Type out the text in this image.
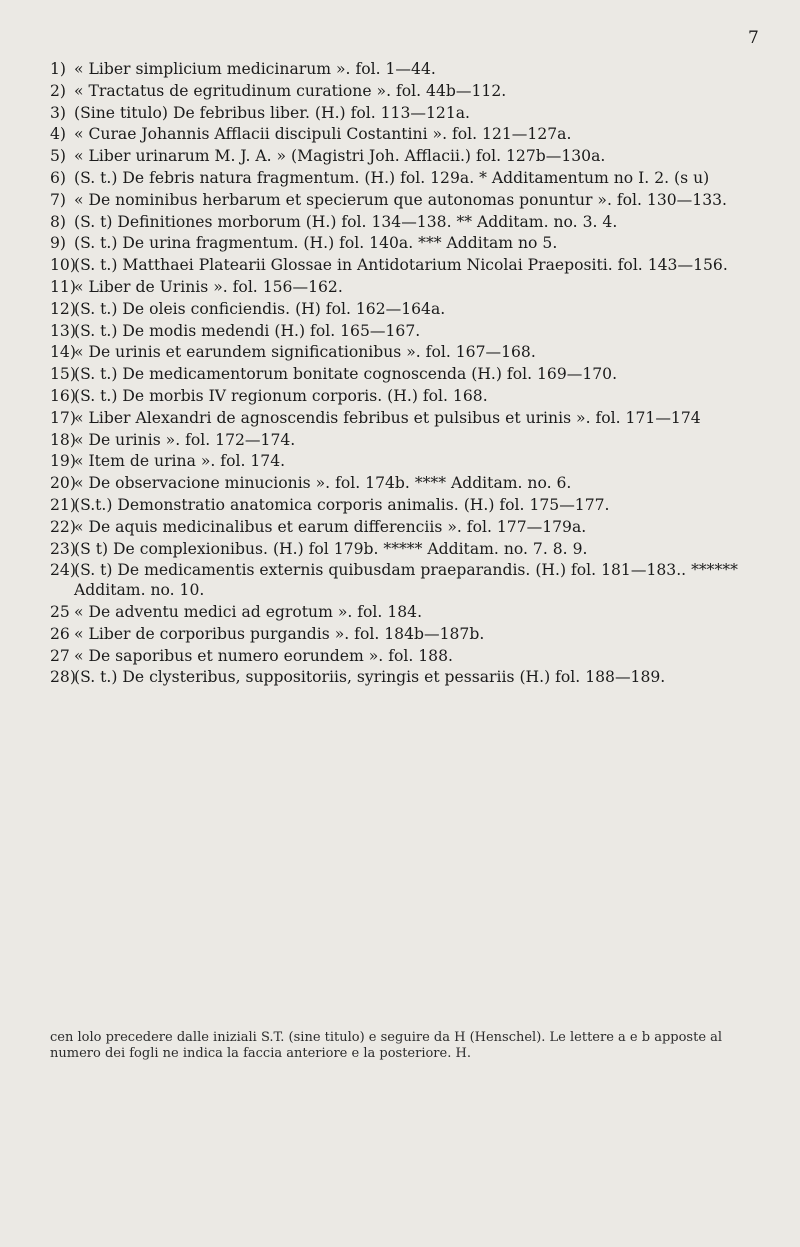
7
1) « Liber simplicium medicinarum ». fol. 1—44.
2) « Tractatus de egritudinum curatione ». fol. 44b—112.
3) (Sine titulo) De febribus liber. (H.) fol. 113—121a.
4) « Curae Johannis Afflacii discipuli Costantini ». fol. 121—127a.
5) « Liber urinarum M. J. A. » (Magistri Joh. Afflacii.) fol. 127b—130a.
6) (S. t.) De febris natura fragmentum. (H.) fol. 129a. * Additamentum no I. 2. (s u)
7) « De nominibus herbarum et specierum que autonomas ponuntur ». fol. 130—133.
8) (S. t) Definitiones morborum (H.) fol. 134—138. ** Additam. no. 3. 4.
9) (S. t.) De urina fragmentum. (H.) fol. 140a. *** Additam no 5.
10)
(S. t.) Matthaei Platearii Glossae in Antidotarium Nicolai Praepositi. fol. 143—156.
11)
« Liber de Urinis ». fol. 156—162.
12)
(S. t.) De oleis conficiendis. (H) fol. 162—164a.
13)
(S. t.) De modis medendi (H.) fol. 165—167.
14)
« De urinis et earundem significationibus ». fol. 167—168.
15)
(S. t.) De medicamentorum bonitate cognoscenda (H.) fol. 169—170.
16)
(S. t.) De morbis IV regionum corporis. (H.) fol. 168.
17)
« Liber Alexandri de agnoscendis febribus et pulsibus et urinis ». fol. 171—174
18)
« De urinis ». fol. 172—174.
19)
« Item de urina ». fol. 174.
20)
« De observacione minucionis ». fol. 174b. **** Additam. no. 6.
21)
(S.t.) Demonstratio anatomica corporis animalis. (H.) fol. 175—177.
22)
« De aquis medicinalibus et earum differenciis ». fol. 177—179a.
23)
(S t) De complexionibus. (H.) fol 179b. ***** Additam. no. 7. 8. 9.
24)
(S. t) De medicamentis externis quibusdam praeparandis. (H.) fol. 181—183.. ****** Additam. no. 10.
25 « De adventu medici ad egrotum ». fol. 184.
26 « Liber de corporibus purgandis ». fol. 184b—187b.
27 « De saporibus et numero eorundem ». fol. 188.
28)
(S. t.) De clysteribus, suppositoriis, syringis et pessariis (H.) fol. 188—189.
cen lolo precedere dalle iniziali S.T. (sine titulo) e seguire da H (Henschel). Le lettere a e b apposte al numero dei fogli ne indica la faccia anteriore e la posteriore. H.
